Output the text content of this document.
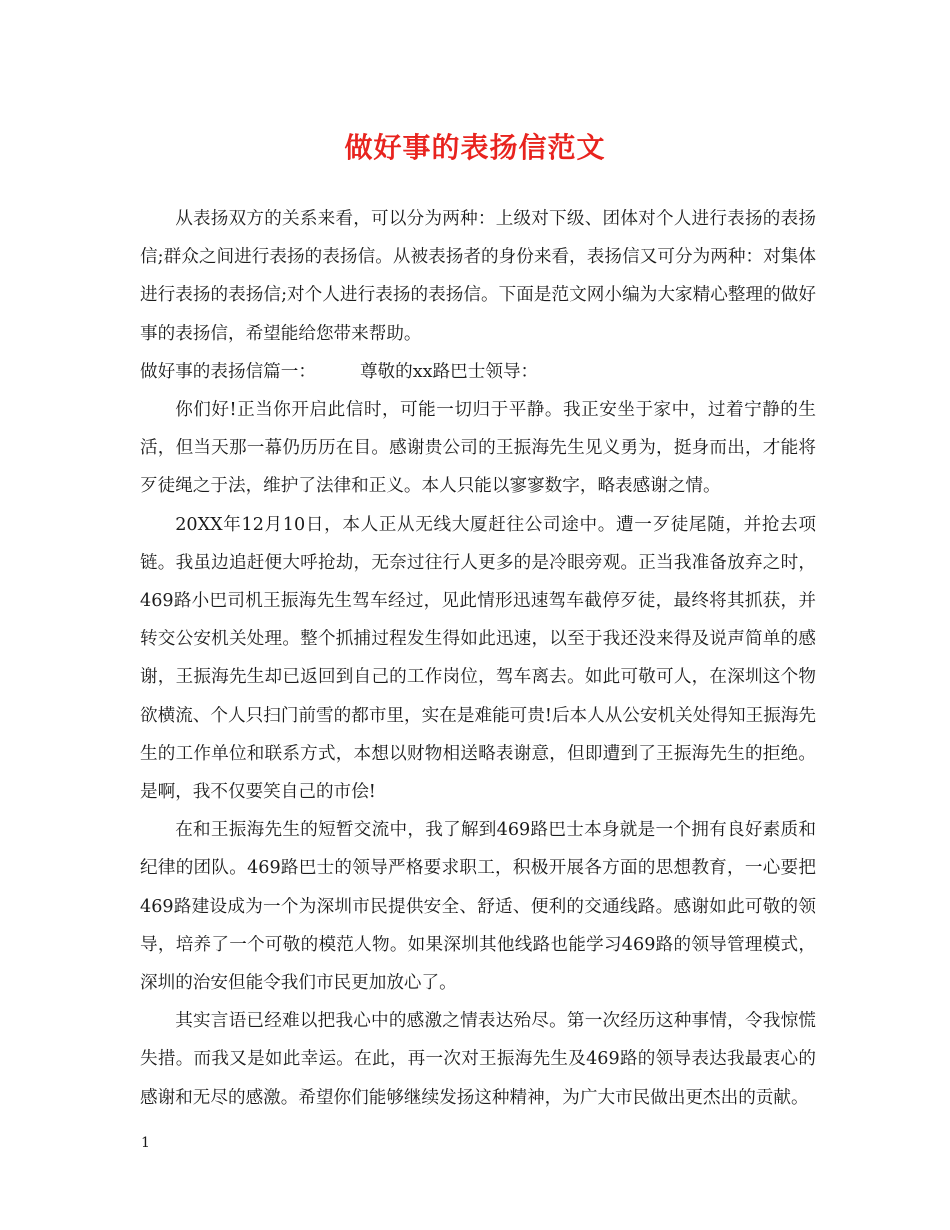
做好事的表扬信范文

从表扬双方的关系来看，可以分为两种：上级对下级、团体对个人进行表扬的表扬信;群众之间进行表扬的表扬信。从被表扬者的身份来看，表扬信又可分为两种：对集体进行表扬的表扬信;对个人进行表扬的表扬信。下面是范文网小编为大家精心整理的做好事的表扬信，希望能给您带来帮助。

做好事的表扬信篇一：	尊敬的xx路巴士领导：

你们好!正当你开启此信时，可能一切归于平静。我正安坐于家中，过着宁静的生活，但当天那一幕仍历历在目。感谢贵公司的王振海先生见义勇为，挺身而出，才能将歹徒绳之于法，维护了法律和正义。本人只能以寥寥数字，略表感谢之情。

20XX年12月10日，本人正从无线大厦赶往公司途中。遭一歹徒尾随，并抢去项链。我虽边追赶便大呼抢劫，无奈过往行人更多的是冷眼旁观。正当我准备放弃之时，469路小巴司机王振海先生驾车经过，见此情形迅速驾车截停歹徒，最终将其抓获，并转交公安机关处理。整个抓捕过程发生得如此迅速，以至于我还没来得及说声简单的感谢，王振海先生却已返回到自己的工作岗位，驾车离去。如此可敬可人，在深圳这个物欲横流、个人只扫门前雪的都市里，实在是难能可贵!后本人从公安机关处得知王振海先生的工作单位和联系方式，本想以财物相送略表谢意，但即遭到了王振海先生的拒绝。是啊，我不仅要笑自己的市侩!

在和王振海先生的短暂交流中，我了解到469路巴士本身就是一个拥有良好素质和纪律的团队。469路巴士的领导严格要求职工，积极开展各方面的思想教育，一心要把469路建设成为一个为深圳市民提供安全、舒适、便利的交通线路。感谢如此可敬的领导，培养了一个可敬的模范人物。如果深圳其他线路也能学习469路的领导管理模式，深圳的治安但能令我们市民更加放心了。

其实言语已经难以把我心中的感激之情表达殆尽。第一次经历这种事情，令我惊慌失措。而我又是如此幸运。在此，再一次对王振海先生及469路的领导表达我最衷心的感谢和无尽的感激。希望你们能够继续发扬这种精神，为广大市民做出更杰出的贡献。

1
